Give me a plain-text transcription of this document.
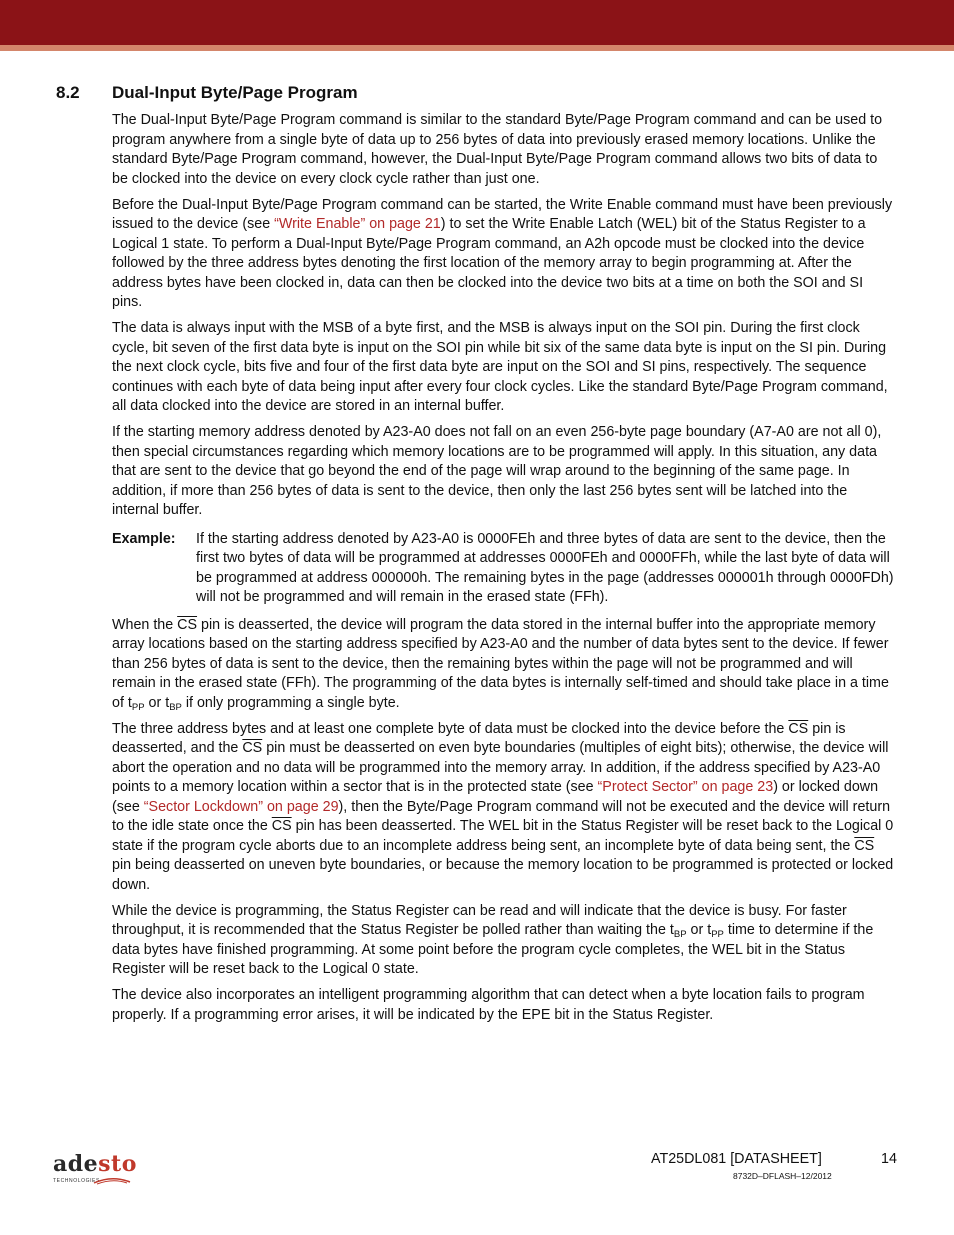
8.2 Dual-Input Byte/Page Program

The Dual-Input Byte/Page Program command is similar to the standard Byte/Page Program command and can be used to program anywhere from a single byte of data up to 256 bytes of data into previously erased memory locations. Unlike the standard Byte/Page Program command, however, the Dual-Input Byte/Page Program command allows two bits of data to be clocked into the device on every clock cycle rather than just one.

Before the Dual-Input Byte/Page Program command can be started, the Write Enable command must have been previously issued to the device (see “Write Enable” on page 21) to set the Write Enable Latch (WEL) bit of the Status Register to a Logical 1 state. To perform a Dual-Input Byte/Page Program command, an A2h opcode must be clocked into the device followed by the three address bytes denoting the first location of the memory array to begin programming at. After the address bytes have been clocked in, data can then be clocked into the device two bits at a time on both the SOI and SI pins.

The data is always input with the MSB of a byte first, and the MSB is always input on the SOI pin. During the first clock cycle, bit seven of the first data byte is input on the SOI pin while bit six of the same data byte is input on the SI pin. During the next clock cycle, bits five and four of the first data byte are input on the SOI and SI pins, respectively. The sequence continues with each byte of data being input after every four clock cycles. Like the standard Byte/Page Program command, all data clocked into the device are stored in an internal buffer.

If the starting memory address denoted by A23-A0 does not fall on an even 256-byte page boundary (A7-A0 are not all 0), then special circumstances regarding which memory locations are to be programmed will apply. In this situation, any data that are sent to the device that go beyond the end of the page will wrap around to the beginning of the same page. In addition, if more than 256 bytes of data is sent to the device, then only the last 256 bytes sent will be latched into the internal buffer.

Example: If the starting address denoted by A23-A0 is 0000FEh and three bytes of data are sent to the device, then the first two bytes of data will be programmed at addresses 0000FEh and 0000FFh, while the last byte of data will be programmed at address 000000h. The remaining bytes in the page (addresses 000001h through 0000FDh) will not be programmed and will remain in the erased state (FFh).

When the $\overline{CS}$ pin is deasserted, the device will program the data stored in the internal buffer into the appropriate memory array locations based on the starting address specified by A23-A0 and the number of data bytes sent to the device. If fewer than 256 bytes of data is sent to the device, then the remaining bytes within the page will not be programmed and will remain in the erased state (FFh). The programming of the data bytes is internally self-timed and should take place in a time of $t_{PP}$ or $t_{BP}$ if only programming a single byte.

The three address bytes and at least one complete byte of data must be clocked into the device before the $\overline{CS}$ pin is deasserted, and the $\overline{CS}$ pin must be deasserted on even byte boundaries (multiples of eight bits); otherwise, the device will abort the operation and no data will be programmed into the memory array. In addition, if the address specified by A23-A0 points to a memory location within a sector that is in the protected state (see “Protect Sector” on page 23) or locked down (see “Sector Lockdown” on page 29), then the Byte/Page Program command will not be executed and the device will return to the idle state once the $\overline{CS}$ pin has been deasserted. The WEL bit in the Status Register will be reset back to the Logical 0 state if the program cycle aborts due to an incomplete address being sent, an incomplete byte of data being sent, the $\overline{CS}$ pin being deasserted on uneven byte boundaries, or because the memory location to be programmed is protected or locked down.

While the device is programming, the Status Register can be read and will indicate that the device is busy. For faster throughput, it is recommended that the Status Register be polled rather than waiting the $t_{BP}$ or $t_{PP}$ time to determine if the data bytes have finished programming. At some point before the program cycle completes, the WEL bit in the Status Register will be reset back to the Logical 0 state.

The device also incorporates an intelligent programming algorithm that can detect when a byte location fails to program properly. If a programming error arises, it will be indicated by the EPE bit in the Status Register.

adesto
TECHNOLOGIES
AT25DL081 [DATASHEET]	14
8732D–DFLASH–12/2012
